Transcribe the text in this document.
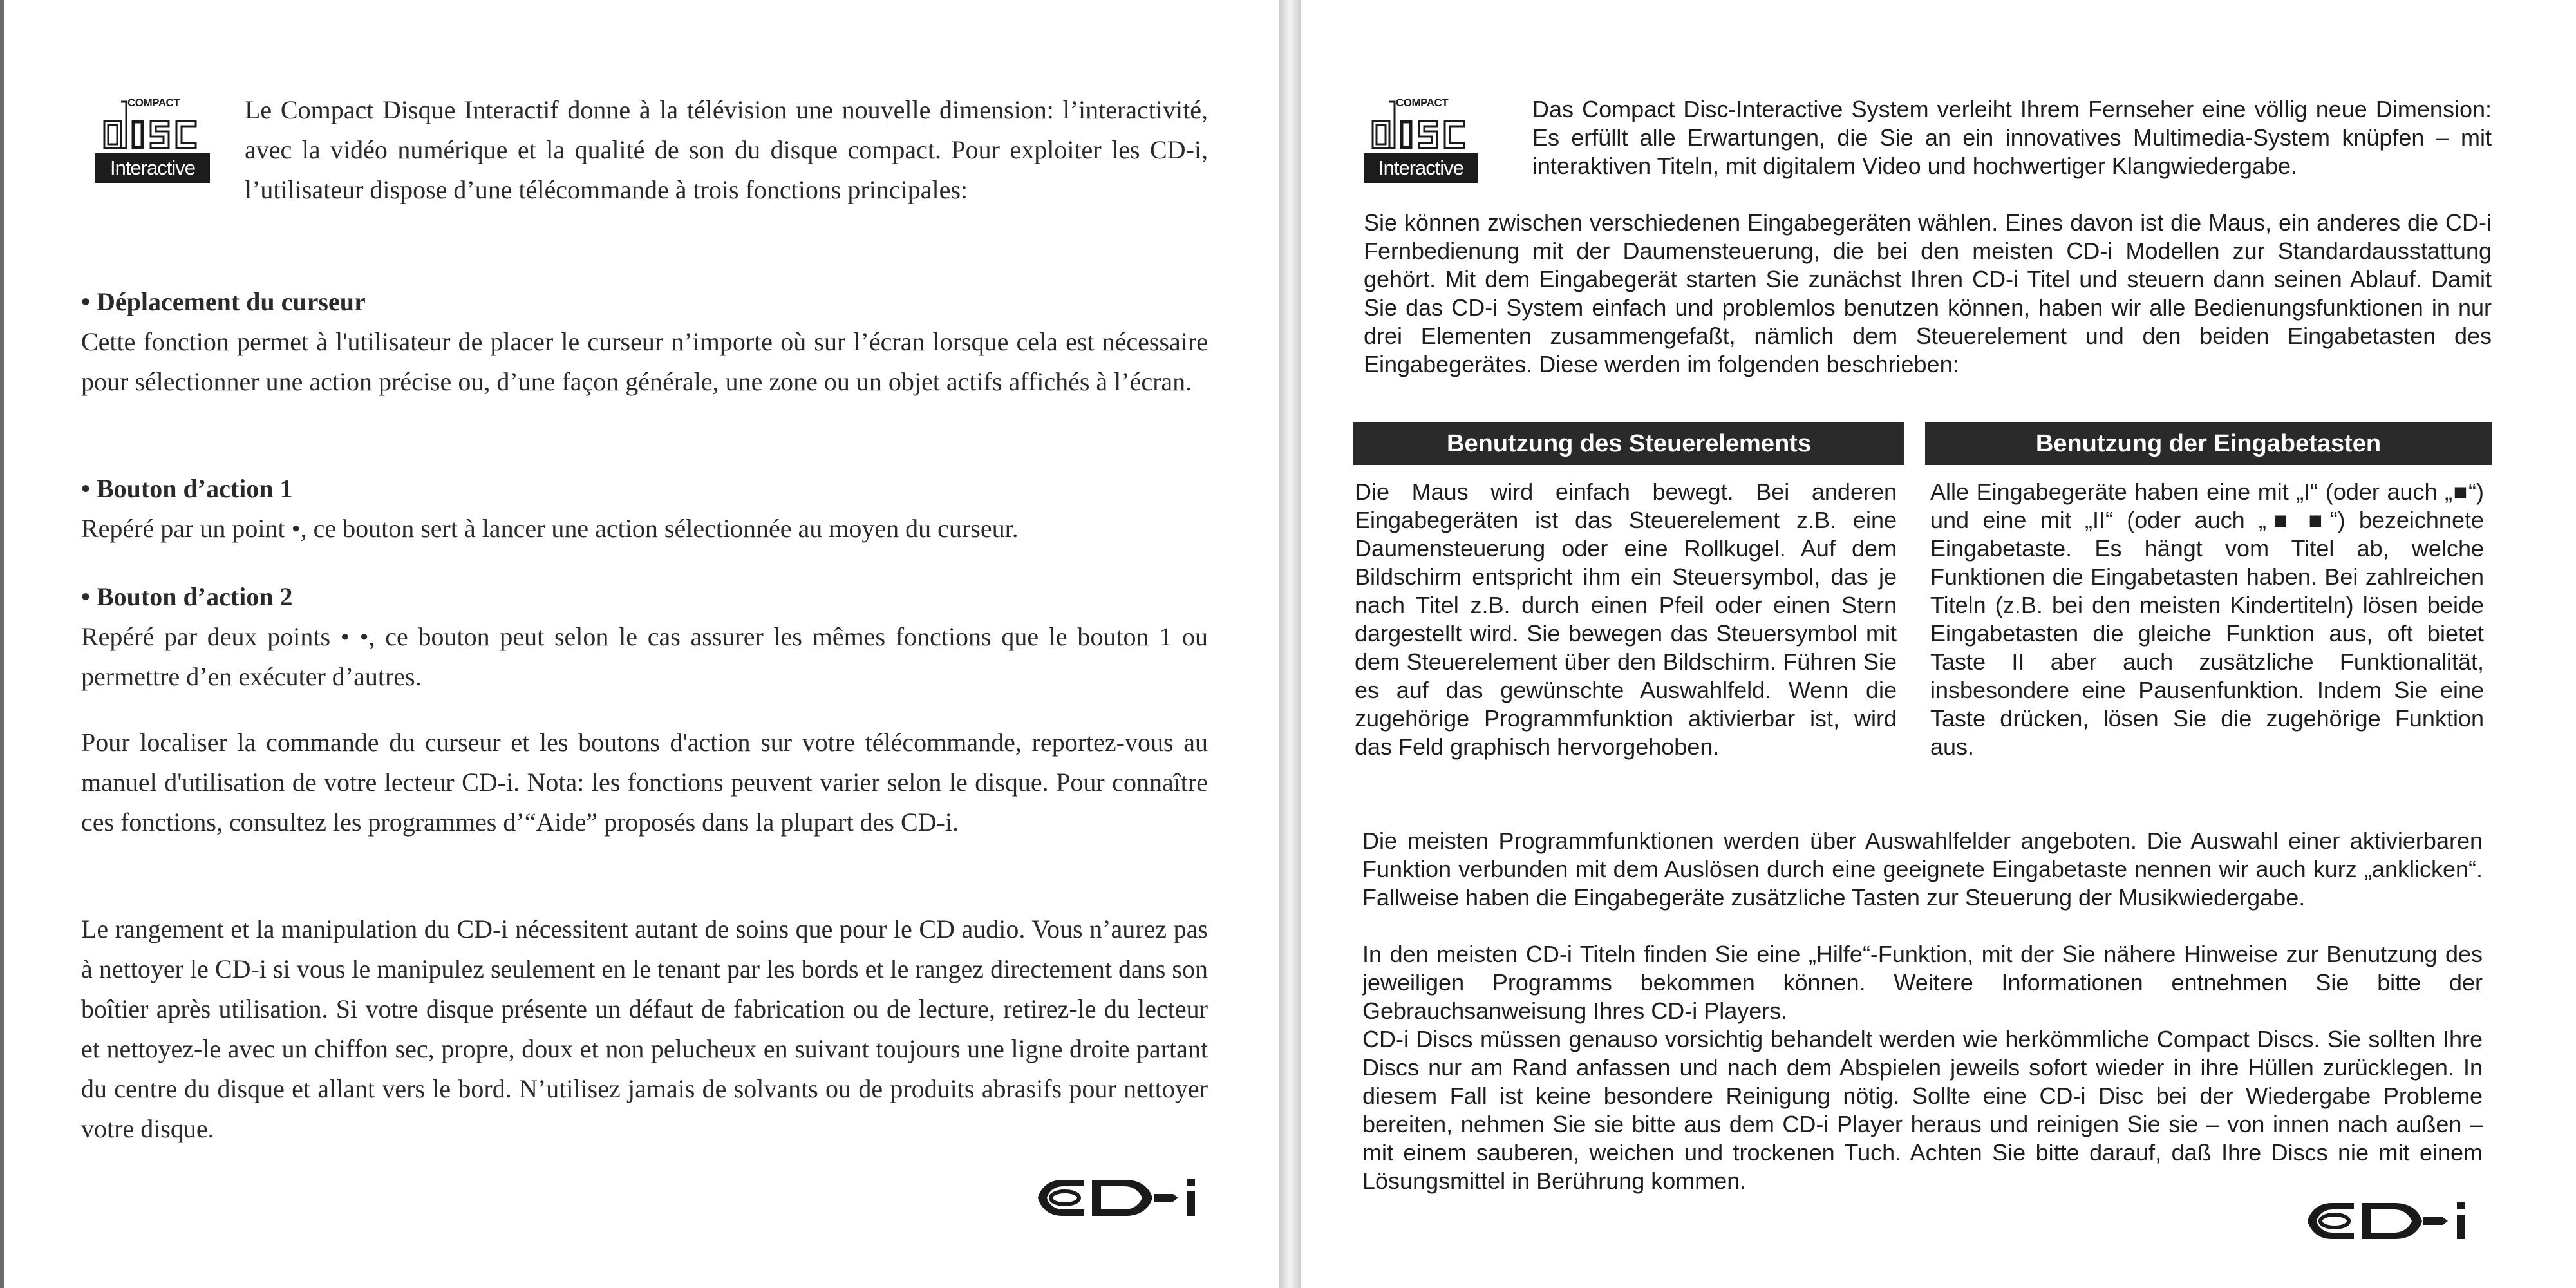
COMPACT
Interactive

Le Compact Disque Interactif donne à la télévision une nouvelle dimension: l’interactivité, avec la vidéo numérique et la qualité de son du disque compact. Pour exploiter les CD-i, l’utilisateur dispose d’une télécommande à trois fonctions principales:

• Déplacement du curseur
Cette fonction permet à l'utilisateur de placer le curseur n’importe où sur l’écran lorsque cela est nécessaire pour sélectionner une action précise ou, d’une façon générale, une zone ou un objet actifs affichés à l’écran.
• Bouton d’action 1
Repéré par un point •, ce bouton sert à lancer une action sélectionnée au moyen du curseur.
• Bouton d’action 2
Repéré par deux points • •, ce bouton peut selon le cas assurer les mêmes fonctions que le bouton 1 ou permettre d’en exécuter d’autres.

Pour localiser la commande du curseur et les boutons d'action sur votre télécommande, reportez-vous au manuel d'utilisation de votre lecteur CD-i. Nota: les fonctions peuvent varier selon le disque. Pour connaître ces fonctions, consultez les programmes d’“Aide” proposés dans la plupart des CD-i.

Le rangement et la manipulation du CD-i nécessitent autant de soins que pour le CD audio. Vous n’aurez pas à nettoyer le CD-i si vous le manipulez seulement en le tenant par les bords et le rangez directement dans son boîtier après utilisation. Si votre disque présente un défaut de fabrication ou de lecture, retirez-le du lecteur et nettoyez-le avec un chiffon sec, propre, doux et non pelucheux en suivant toujours une ligne droite partant du centre du disque et allant vers le bord. N’utilisez jamais de solvants ou de produits abrasifs pour nettoyer votre disque.

COMPACT
Interactive

Das Compact Disc-Interactive System verleiht Ihrem Fernseher eine völlig neue Dimension: Es erfüllt alle Erwartungen, die Sie an ein innovatives Multimedia-System knüpfen – mit interaktiven Titeln, mit digitalem Video und hochwertiger Klangwiedergabe.

Sie können zwischen verschiedenen Eingabegeräten wählen. Eines davon ist die Maus, ein anderes die CD-i Fernbedienung mit der Daumensteuerung, die bei den meisten CD-i Modellen zur Standardausstattung gehört. Mit dem Eingabegerät starten Sie zunächst Ihren CD-i Titel und steuern dann seinen Ablauf. Damit Sie das CD-i System einfach und problemlos benutzen können, haben wir alle Bedienungsfunktionen in nur drei Elementen zusammengefaßt, nämlich dem Steuerelement und den beiden Eingabetasten des Eingabegerätes. Diese werden im folgenden beschrieben:

Benutzung des Steuerelements	Benutzung der Eingabetasten

Die Maus wird einfach bewegt. Bei anderen Eingabegeräten ist das Steuerelement z.B. eine Daumensteuerung oder eine Rollkugel. Auf dem Bildschirm entspricht ihm ein Steuersymbol, das je nach Titel z.B. durch einen Pfeil oder einen Stern dargestellt wird. Sie bewegen das Steuersymbol mit dem Steuerelement über den Bildschirm. Führen Sie es auf das gewünschte Auswahlfeld. Wenn die zugehörige Programmfunktion aktivierbar ist, wird das Feld graphisch hervorgehoben.

Alle Eingabegeräte haben eine mit „I“ (oder auch „■“) und eine mit „II“ (oder auch „■ ■“) bezeichnete Eingabetaste. Es hängt vom Titel ab, welche Funktionen die Eingabetasten haben. Bei zahlreichen Titeln (z.B. bei den meisten Kindertiteln) lösen beide Eingabetasten die gleiche Funktion aus, oft bietet Taste II aber auch zusätzliche Funktionalität, insbesondere eine Pausenfunktion. Indem Sie eine Taste drücken, lösen Sie die zugehörige Funktion aus.

Die meisten Programmfunktionen werden über Auswahlfelder angeboten. Die Auswahl einer aktivierbaren Funktion verbunden mit dem Auslösen durch eine geeignete Eingabetaste nennen wir auch kurz „anklicken“. Fallweise haben die Eingabegeräte zusätzliche Tasten zur Steuerung der Musikwiedergabe.

In den meisten CD-i Titeln finden Sie eine „Hilfe“-Funktion, mit der Sie nähere Hinweise zur Benutzung des jeweiligen Programms bekommen können. Weitere Informationen entnehmen Sie bitte der Gebrauchsanweisung Ihres CD-i Players.

CD-i Discs müssen genauso vorsichtig behandelt werden wie herkömmliche Compact Discs. Sie sollten Ihre Discs nur am Rand anfassen und nach dem Abspielen jeweils sofort wieder in ihre Hüllen zurücklegen. In diesem Fall ist keine besondere Reinigung nötig. Sollte eine CD-i Disc bei der Wiedergabe Probleme bereiten, nehmen Sie sie bitte aus dem CD-i Player heraus und reinigen Sie sie – von innen nach außen – mit einem sauberen, weichen und trockenen Tuch. Achten Sie bitte darauf, daß Ihre Discs nie mit einem Lösungsmittel in Berührung kommen.
